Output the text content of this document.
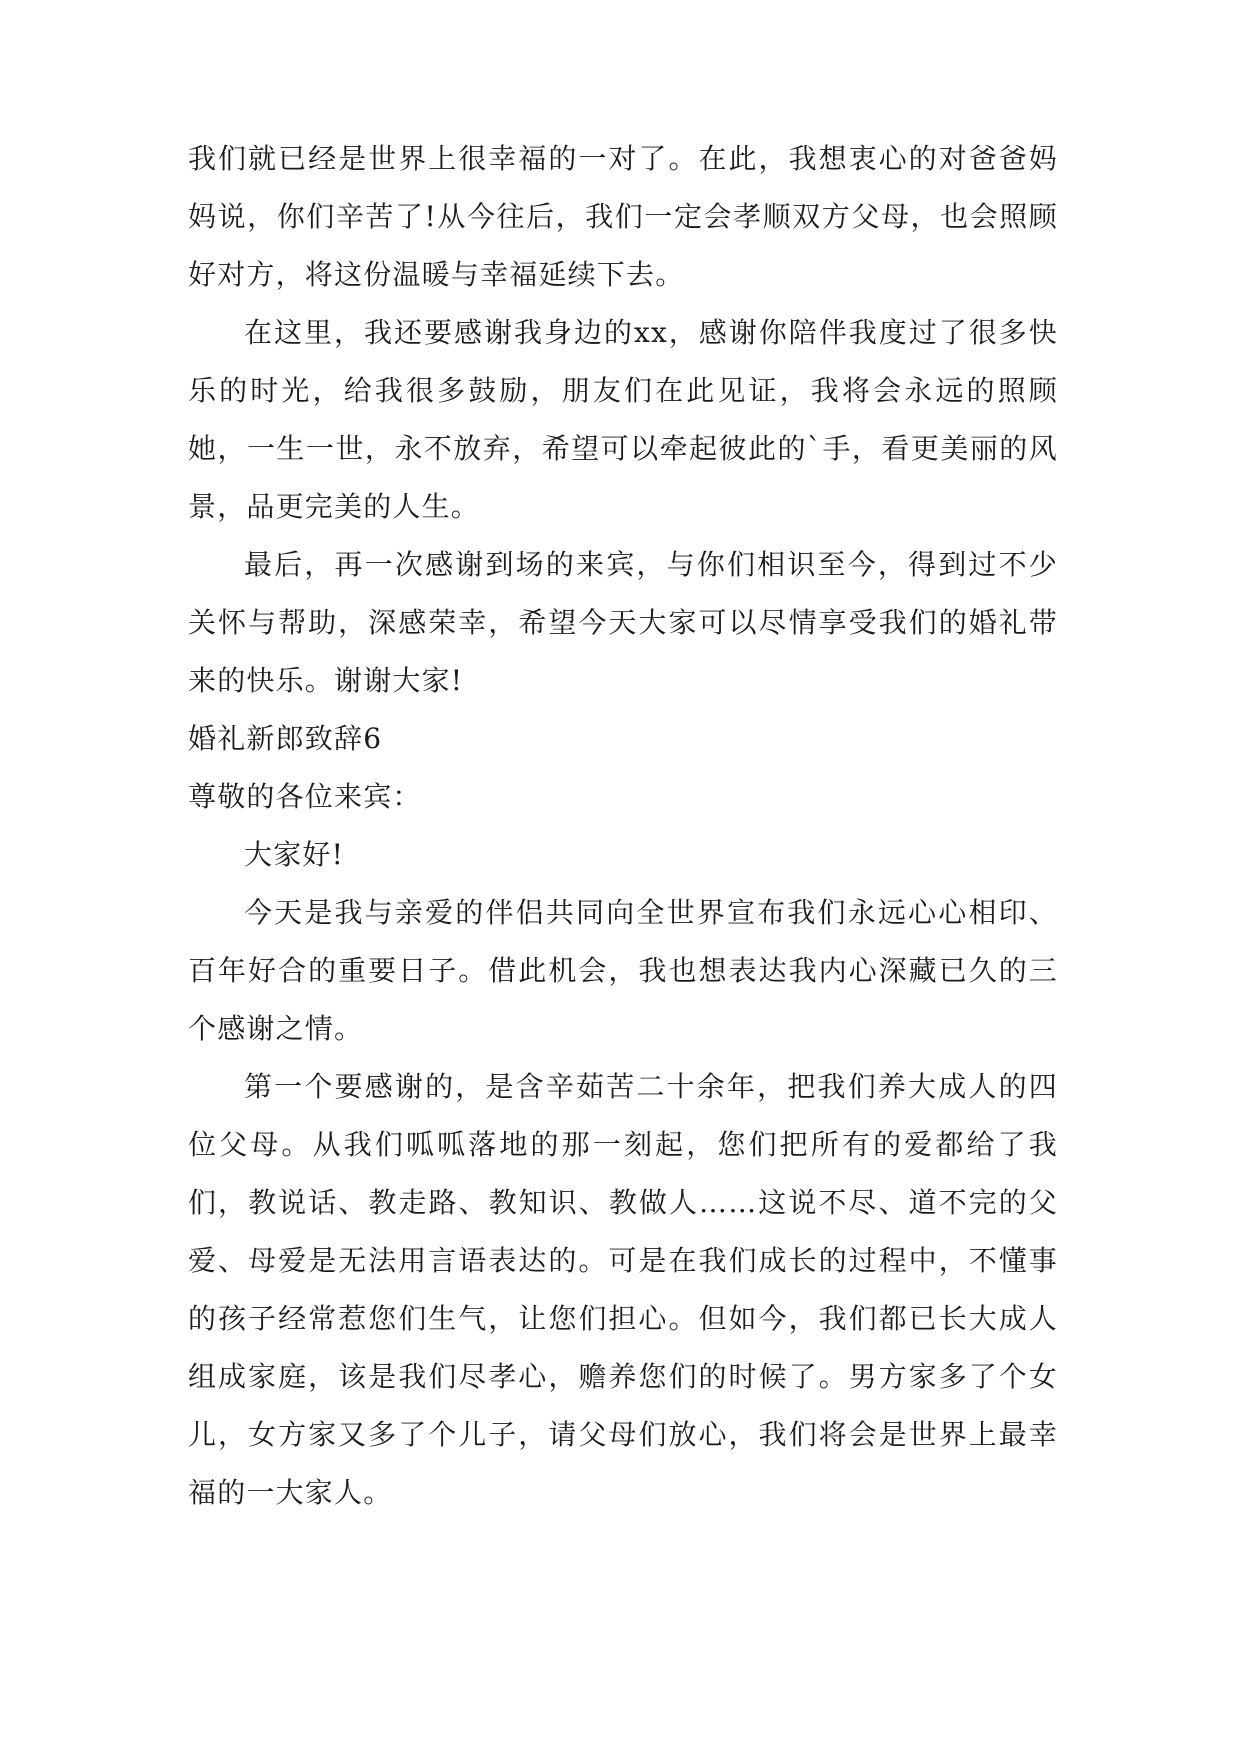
我们就已经是世界上很幸福的一对了。在此，我想衷心的对爸爸妈妈说，你们辛苦了!从今往后，我们一定会孝顺双方父母，也会照顾好对方，将这份温暖与幸福延续下去。

在这里，我还要感谢我身边的xx，感谢你陪伴我度过了很多快乐的时光，给我很多鼓励，朋友们在此见证，我将会永远的照顾她，一生一世，永不放弃，希望可以牵起彼此的`手，看更美丽的风景，品更完美的人生。

最后，再一次感谢到场的来宾，与你们相识至今，得到过不少关怀与帮助，深感荣幸，希望今天大家可以尽情享受我们的婚礼带来的快乐。谢谢大家!

婚礼新郎致辞6

尊敬的各位来宾：

大家好!

今天是我与亲爱的伴侣共同向全世界宣布我们永远心心相印、百年好合的重要日子。借此机会，我也想表达我内心深藏已久的三个感谢之情。

第一个要感谢的，是含辛茹苦二十余年，把我们养大成人的四位父母。从我们呱呱落地的那一刻起，您们把所有的爱都给了我们，教说话、教走路、教知识、教做人……这说不尽、道不完的父爱、母爱是无法用言语表达的。可是在我们成长的过程中，不懂事的孩子经常惹您们生气，让您们担心。但如今，我们都已长大成人组成家庭，该是我们尽孝心，赡养您们的时候了。男方家多了个女儿，女方家又多了个儿子，请父母们放心，我们将会是世界上最幸福的一大家人。
